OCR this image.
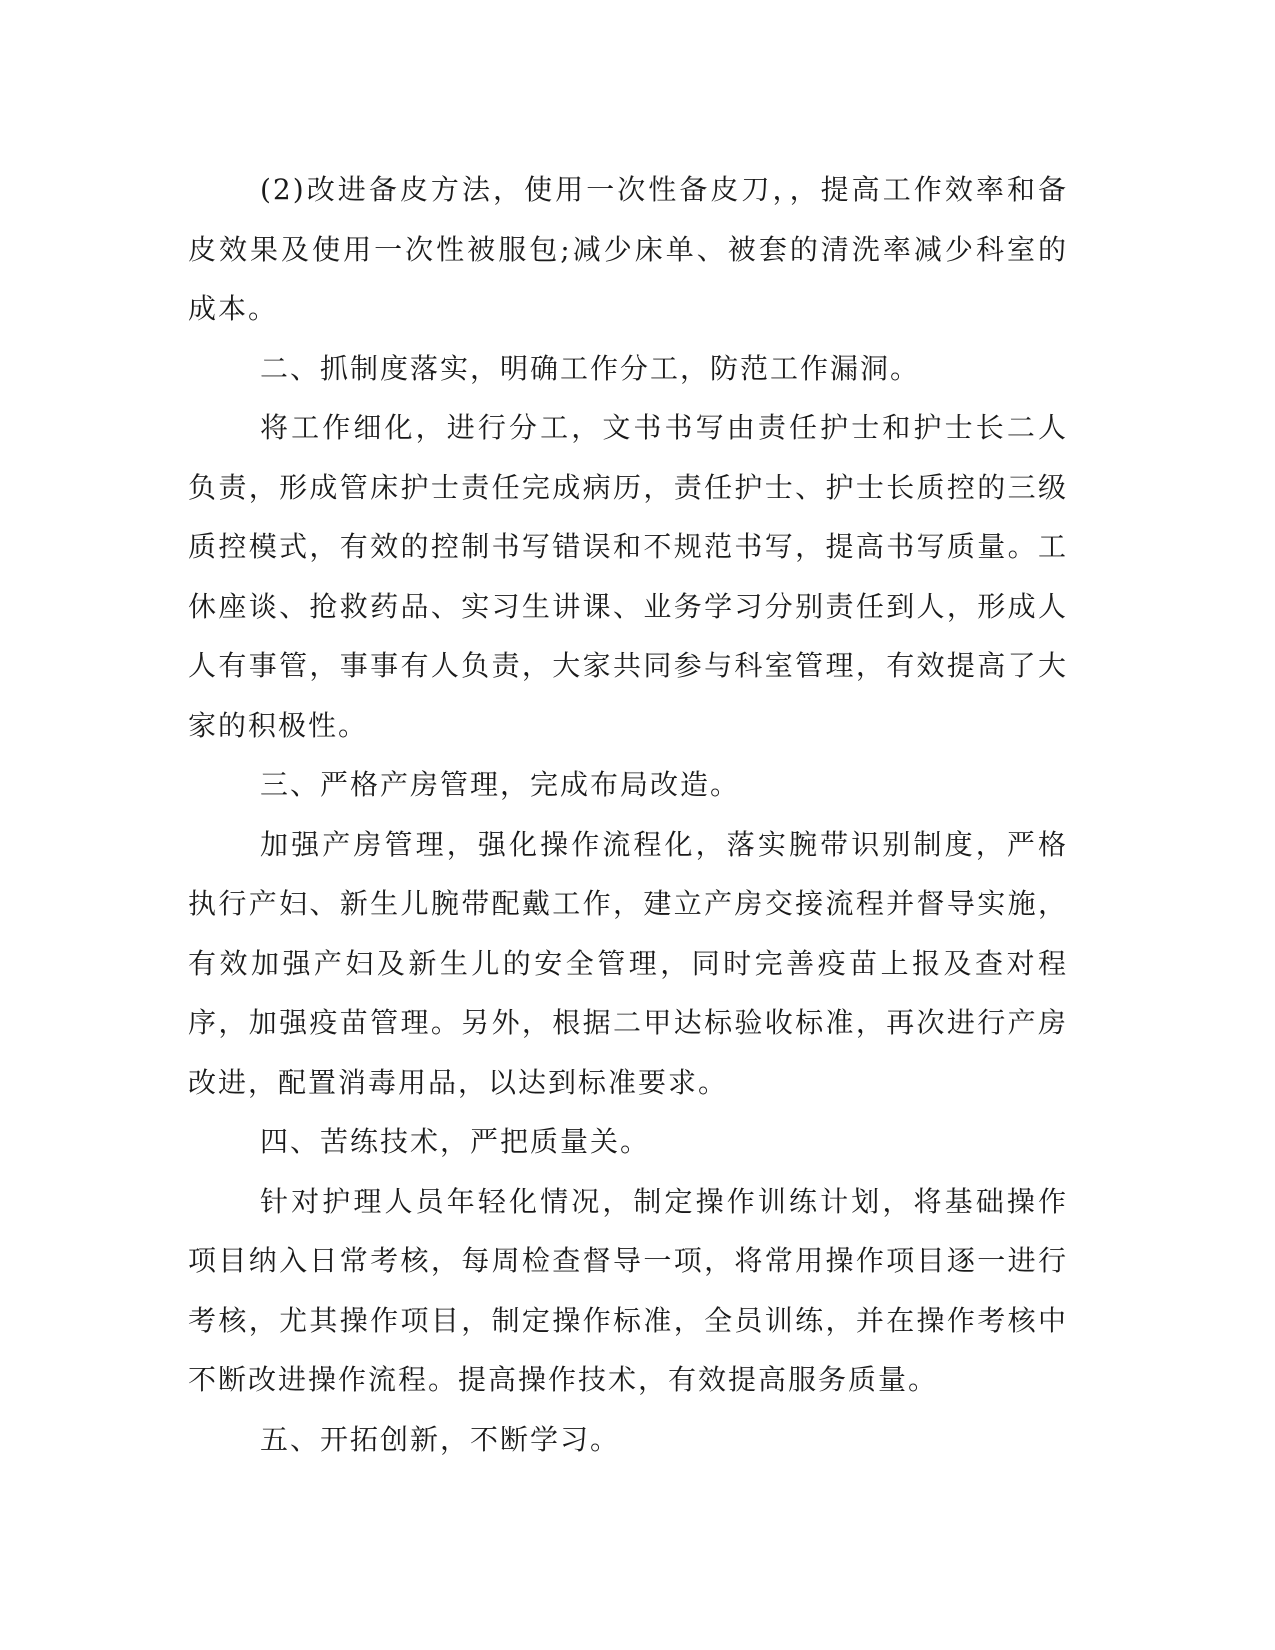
(2)改进备皮方法，使用一次性备皮刀，，提高工作效率和备皮效果及使用一次性被服包;减少床单、被套的清洗率减少科室的成本。

二、抓制度落实，明确工作分工，防范工作漏洞。

将工作细化，进行分工，文书书写由责任护士和护士长二人负责，形成管床护士责任完成病历，责任护士、护士长质控的三级质控模式，有效的控制书写错误和不规范书写，提高书写质量。工休座谈、抢救药品、实习生讲课、业务学习分别责任到人，形成人人有事管，事事有人负责，大家共同参与科室管理，有效提高了大家的积极性。

三、严格产房管理，完成布局改造。

加强产房管理，强化操作流程化，落实腕带识别制度，严格执行产妇、新生儿腕带配戴工作，建立产房交接流程并督导实施，有效加强产妇及新生儿的安全管理，同时完善疫苗上报及查对程序，加强疫苗管理。另外，根据二甲达标验收标准，再次进行产房改进，配置消毒用品，以达到标准要求。

四、苦练技术，严把质量关。

针对护理人员年轻化情况，制定操作训练计划，将基础操作项目纳入日常考核，每周检查督导一项，将常用操作项目逐一进行考核，尤其操作项目，制定操作标准，全员训练，并在操作考核中不断改进操作流程。提高操作技术，有效提高服务质量。

五、开拓创新，不断学习。
